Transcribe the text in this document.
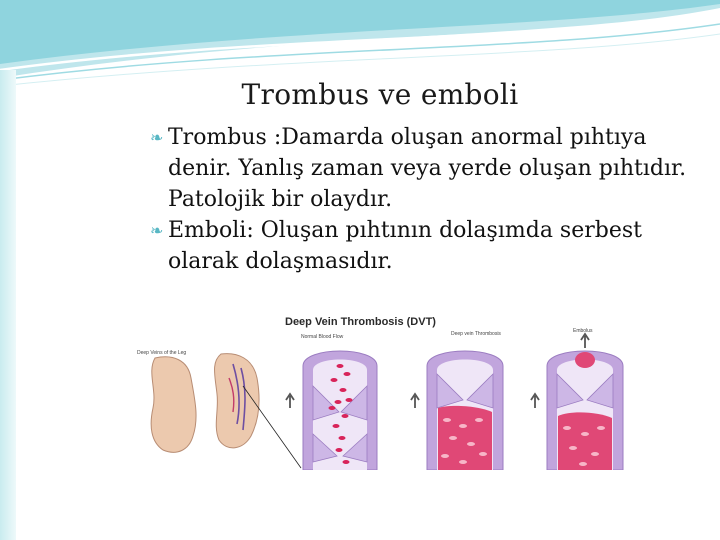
Trombus ve emboli

❧ Trombus :Damarda oluşan anormal pıhtıya denir. Yanlış zaman veya yerde oluşan pıhtıdır. Patolojik bir olaydır.

❧ Emboli: Oluşan pıhtının dolaşımda serbest olarak dolaşmasıdır.

Deep Vein Thrombosis (DVT)
Deep Veins of the Leg
Normal Blood Flow	Deep vein Thrombosis	Embolus
